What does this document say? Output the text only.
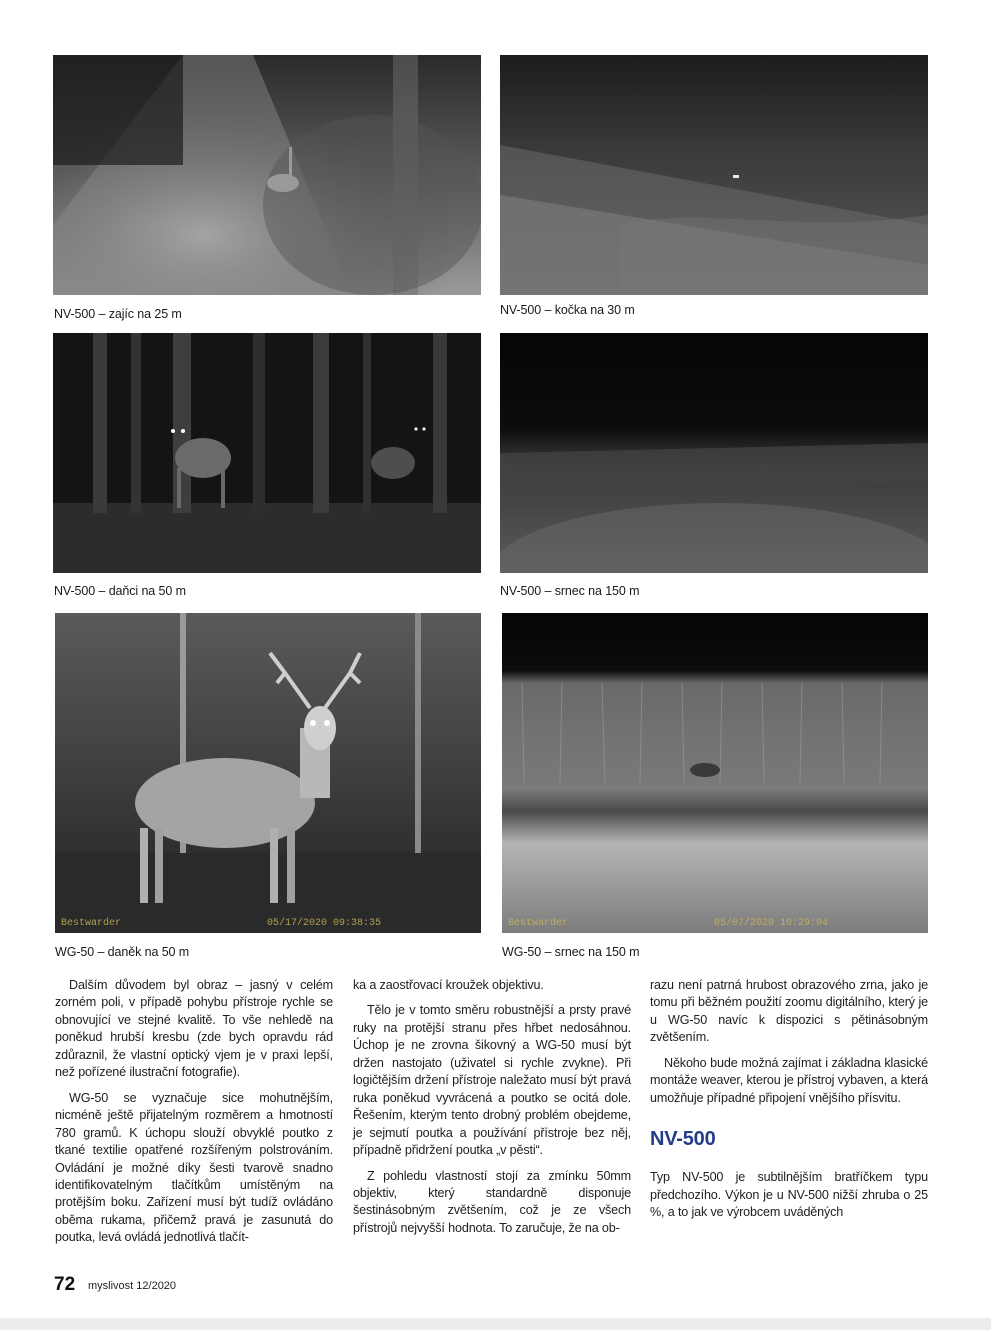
NV-500 – zajíc na 25 m	NV-500 – kočka na 30 m
NV-500 – daňci na 50 m	NV-500 – srnec na 150 m
Bestwarder	05/17/2020 09:38:35
WG-50 – daněk na 50 m
Bestwarder	05/07/2020 10:29:04
WG-50 – srnec na 150 m

Dalším důvodem byl obraz – jasný v celém zorném poli, v případě pohybu přístroje rychle se obnovující ve stejné kvalitě. To vše nehledě na poněkud hrubší kresbu (zde bych opravdu rád zdůraznil, že vlastní optický vjem je v praxi lepší, než pořízené ilustrační fotografie).

WG-50 se vyznačuje sice mohutnějším, nicméně ještě přijatelným rozměrem a hmotností 780 gramů. K úchopu slouží obvyklé poutko z tkané textilie opatřené rozšířeným polstrováním. Ovládání je možné díky šesti tvarově snadno identifikovatelným tlačítkům umístěným na protějším boku. Zařízení musí být tudíž ovládáno oběma rukama, přičemž pravá je zasunutá do poutka, levá ovládá jednotlivá tlačít-

ka a zaostřovací kroužek objektivu.

Tělo je v tomto směru robustnější a prsty pravé ruky na protější stranu přes hřbet nedosáhnou. Úchop je ne zrovna šikovný a WG-50 musí být držen nastojato (uživatel si rychle zvykne). Při logičtějším držení přístroje naležato musí být pravá ruka poněkud vyvrácená a poutko se ocitá dole. Řešením, kterým tento drobný problém obejdeme, je sejmutí poutka a používání přístroje bez něj, případně přidržení poutka „v pěsti“.

Z pohledu vlastností stojí za zmínku 50mm objektiv, který standardně disponuje šestinásobným zvětšením, což je ze všech přístrojů nejvyšší hodnota. To zaručuje, že na ob-

razu není patrná hrubost obrazového zrna, jako je tomu při běžném použití zoomu digitálního, který je u WG-50 navíc k dispozici s pětinásobným zvětšením.

Někoho bude možná zajímat i základna klasické montáže weaver, kterou je přístroj vybaven, a která umožňuje případné připojení vnějšího přísvitu.

NV-500

Typ NV-500 je subtilnějším bratříčkem typu předchozího. Výkon je u NV-500 nižší zhruba o 25 %, a to jak ve výrobcem uváděných

72 myslivost 12/2020
